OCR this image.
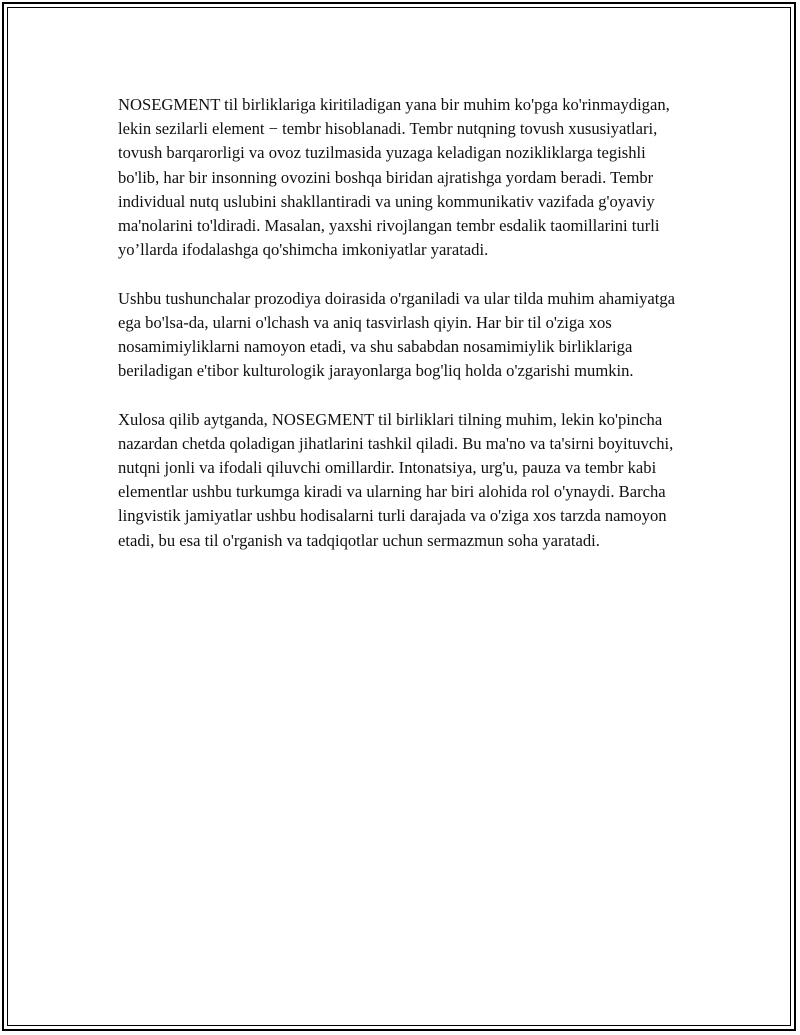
NOSEGMENT til birliklariga kiritiladigan yana bir muhim ko'pga ko'rinmaydigan, lekin sezilarli element − tembr hisoblanadi. Tembr nutqning tovush xususiyatlari, tovush barqarorligi va ovoz tuzilmasida yuzaga keladigan noziklіklarga tegishli bo'lib, har bir insonning ovozini boshqa biridan ajratishga yordam beradi. Tembr individual nutq uslubini shakllantiradi va uning kommunikativ vazifada g'oyaviy ma'nolarini to'ldiradi. Masalan, yaxshi rivojlangan tembr esdalik taomillarini turli yo’llarda ifodalashga qo'shimcha imkoniyatlar yaratadi.

Ushbu tushunchalar prozodiya doirasida o'rganiladi va ular tilda muhim ahamiyatga ega bo'lsa-da, ularni o'lchash va aniq tasvirlash qiyin. Har bir til o'ziga xos nosamimiyliklarni namoyon etadi, va shu sababdan nosamimiylik birliklariga beriladigan e'tibor kulturologik jarayonlarga bog'liq holda o'zgarishi mumkin.

Xulosa qilib aytganda, NOSEGMENT til birliklari tilning muhim, lekin ko'pincha nazardan chetda qoladigan jihatlarini tashkil qiladi. Bu ma'no va ta'sirni boyituvchi, nutqni jonli va ifodali qiluvchi omillardir. Intonatsiya, urg'u, pauza va tembr kabi elementlar ushbu turkumga kiradi va ularning har biri alohida rol o'ynaydi. Barcha lingvistik jamiyatlar ushbu hodisalarni turli darajada va o'ziga xos tarzda namoyon etadi, bu esa til o'rganish va tadqiqotlar uchun sermazmun soha yaratadi.
